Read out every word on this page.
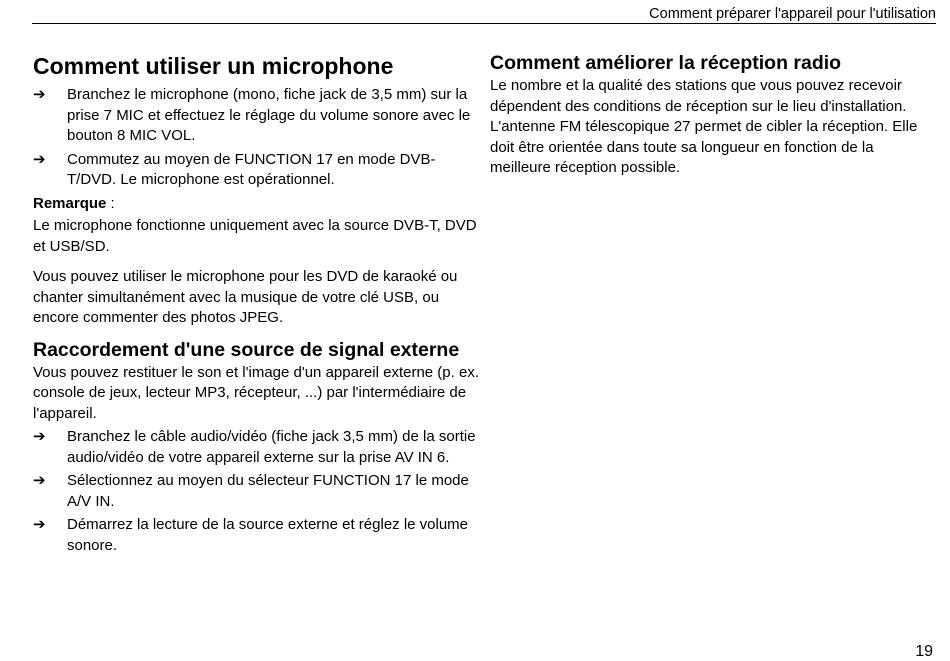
Comment préparer l'appareil pour l'utilisation
Comment utiliser un microphone
➔	Branchez le microphone (mono, fiche jack de 3,5 mm) sur la prise 7 MIC et effectuez le réglage du volume sonore avec le bouton 8 MIC VOL.
➔	Commutez au moyen de FUNCTION 17 en mode DVB-T/DVD. Le microphone est opérationnel.

Remarque :

Le microphone fonctionne uniquement avec la source DVB-T, DVD et USB/SD.

Vous pouvez utiliser le microphone pour les DVD de karaoké ou chanter simultanément avec la musique de votre clé USB, ou encore commenter des photos JPEG.

Raccordement d'une source de signal externe

Vous pouvez restituer le son et l'image d'un appareil externe (p. ex. console de jeux, lecteur MP3, récepteur, ...) par l'intermédiaire de l'appareil.

➔	Branchez le câble audio/vidéo (fiche jack 3,5 mm) de la sortie audio/vidéo de votre appareil externe sur la prise AV IN 6.
➔	Sélectionnez au moyen du sélecteur FUNCTION 17 le mode A/V IN.
➔	Démarrez la lecture de la source externe et réglez le volume sonore.
Comment améliorer la réception radio

Le nombre et la qualité des stations que vous pouvez recevoir dépendent des conditions de réception sur le lieu d'installation. L'antenne FM télescopique 27 permet de cibler la réception. Elle doit être orientée dans toute sa longueur en fonction de la meilleure réception possible.

19
